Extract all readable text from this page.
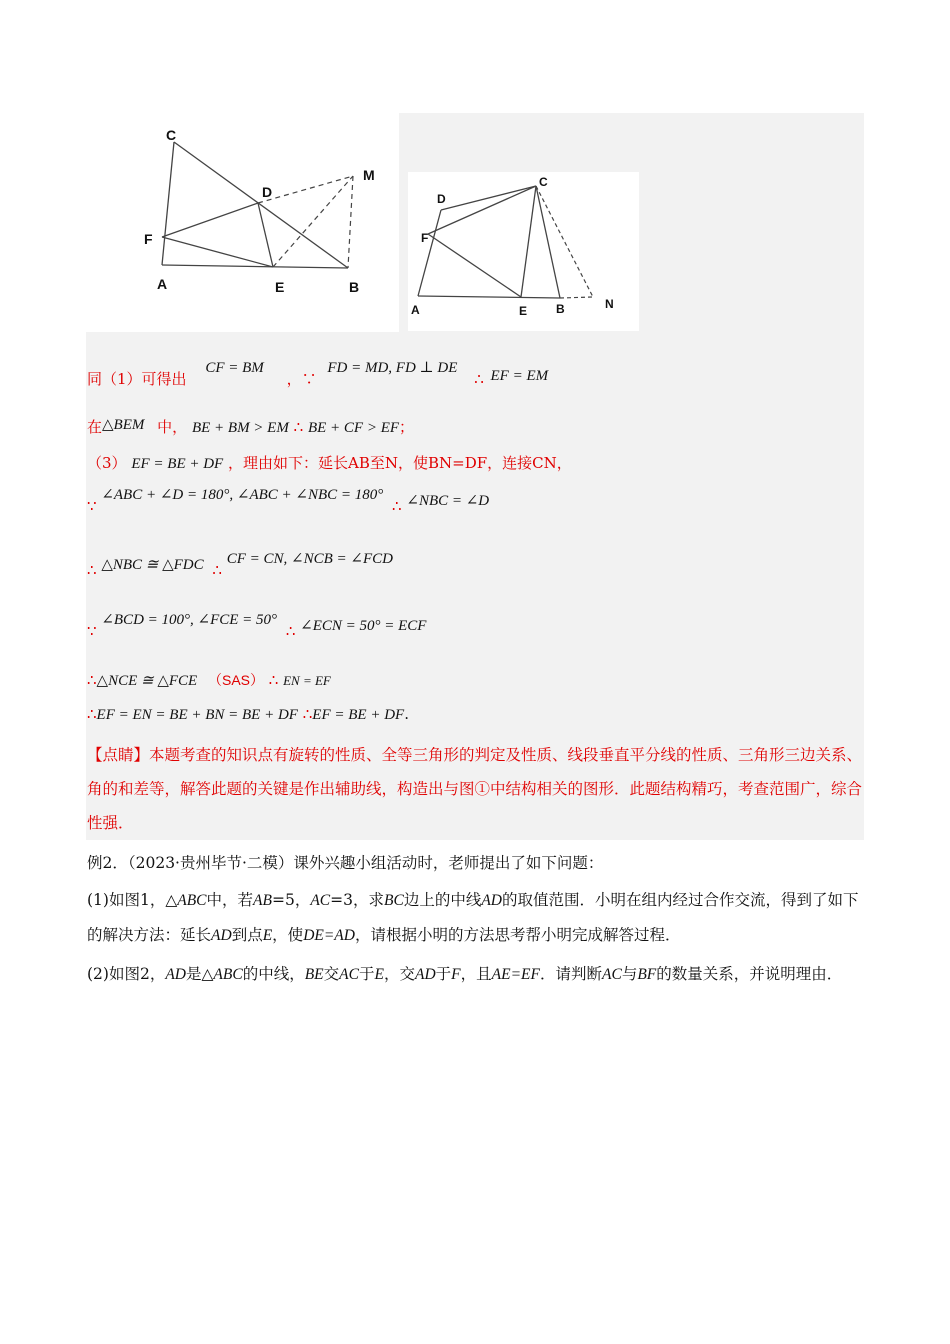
C
D
M
F
A	E	B
D
C
F
A	E B	N
同（1）可得出 CF = BM ，∵ FD = MD, FD ⊥ DE ∴ EF = EM
在△BEM 中， BE + BM > EM ∴ BE + CF > EF；
（3） EF = BE + DF ，理由如下：延长AB至N，使BN=DF，连接CN，
∵ ∠ABC + ∠D = 180°, ∠ABC + ∠NBC = 180° ∴ ∠NBC = ∠D
∴ △NBC ≅ △FDC ∴ CF = CN, ∠NCB = ∠FCD
∵ ∠BCD = 100°, ∠FCE = 50° ∴ ∠ECN = 50° = ECF
∴△NCE ≅ △FCE （SAS） ∴ EN = EF
∴EF = EN = BE + BN = BE + DF ∴EF = BE + DF.
【点睛】本题考查的知识点有旋转的性质、全等三角形的判定及性质、线段垂直平分线的性质、三角形三边关系、角的和差等，解答此题的关键是作出辅助线，构造出与图①中结构相关的图形．此题结构精巧，考查范围广，综合性强．
例2．（2023·贵州毕节·二模）课外兴趣小组活动时，老师提出了如下问题：
(1)如图1，△ABC中，若AB=5，AC=3，求BC边上的中线AD的取值范围．小明在组内经过合作交流，得到了如下的解决方法：延长AD到点E，使DE=AD，请根据小明的方法思考帮小明完成解答过程．
(2)如图2，AD是△ABC的中线，BE交AC于E，交AD于F，且AE=EF．请判断AC与BF的数量关系，并说明理由．
